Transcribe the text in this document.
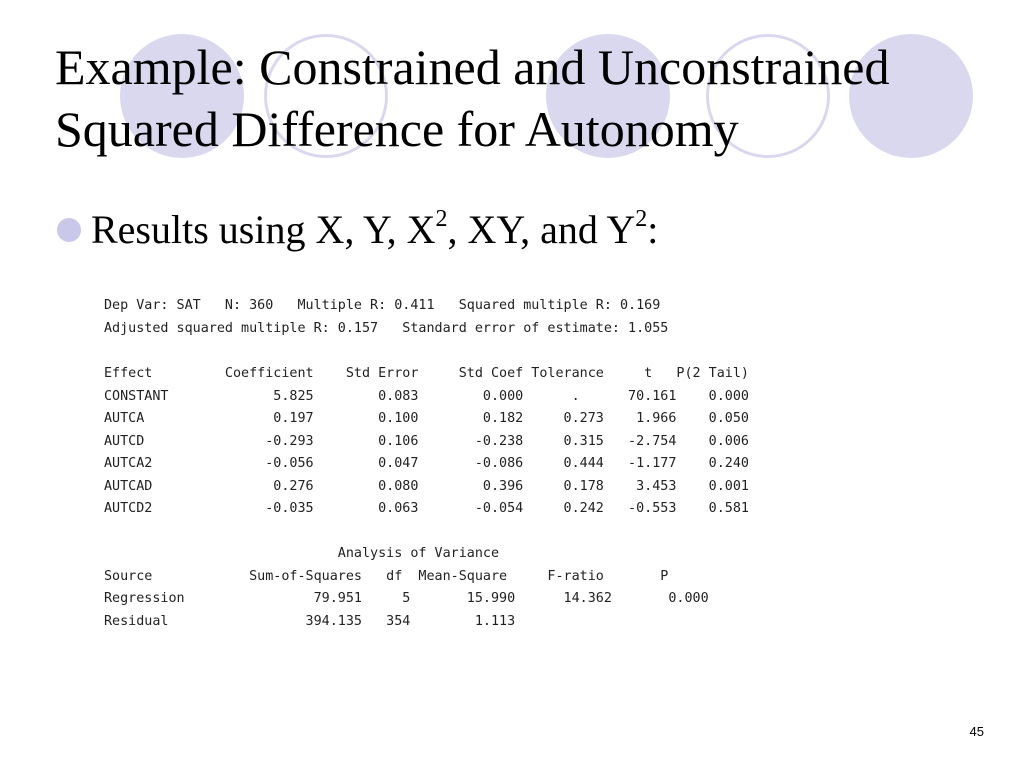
Example: Constrained and Unconstrained
Squared Difference for Autonomy
Results using X, Y, $X^2$, XY, and $Y^2$:
Dep Var: SAT   N: 360   Multiple R: 0.411   Squared multiple R: 0.169
Adjusted squared multiple R: 0.157   Standard error of estimate: 1.055
Effect         Coefficient    Std Error     Std Coef Tolerance     t   P(2 Tail)
CONSTANT             5.825        0.083        0.000      .      70.161    0.000
AUTCA                0.197        0.100        0.182     0.273    1.966    0.050
AUTCD               -0.293        0.106       -0.238     0.315   -2.754    0.006
AUTCA2              -0.056        0.047       -0.086     0.444   -1.177    0.240
AUTCAD               0.276        0.080        0.396     0.178    3.453    0.001
AUTCD2              -0.035        0.063       -0.054     0.242   -0.553    0.581
Analysis of Variance
Source            Sum-of-Squares   df  Mean-Square     F-ratio       P
Regression                79.951     5       15.990      14.362       0.000
Residual                 394.135   354        1.113
45
